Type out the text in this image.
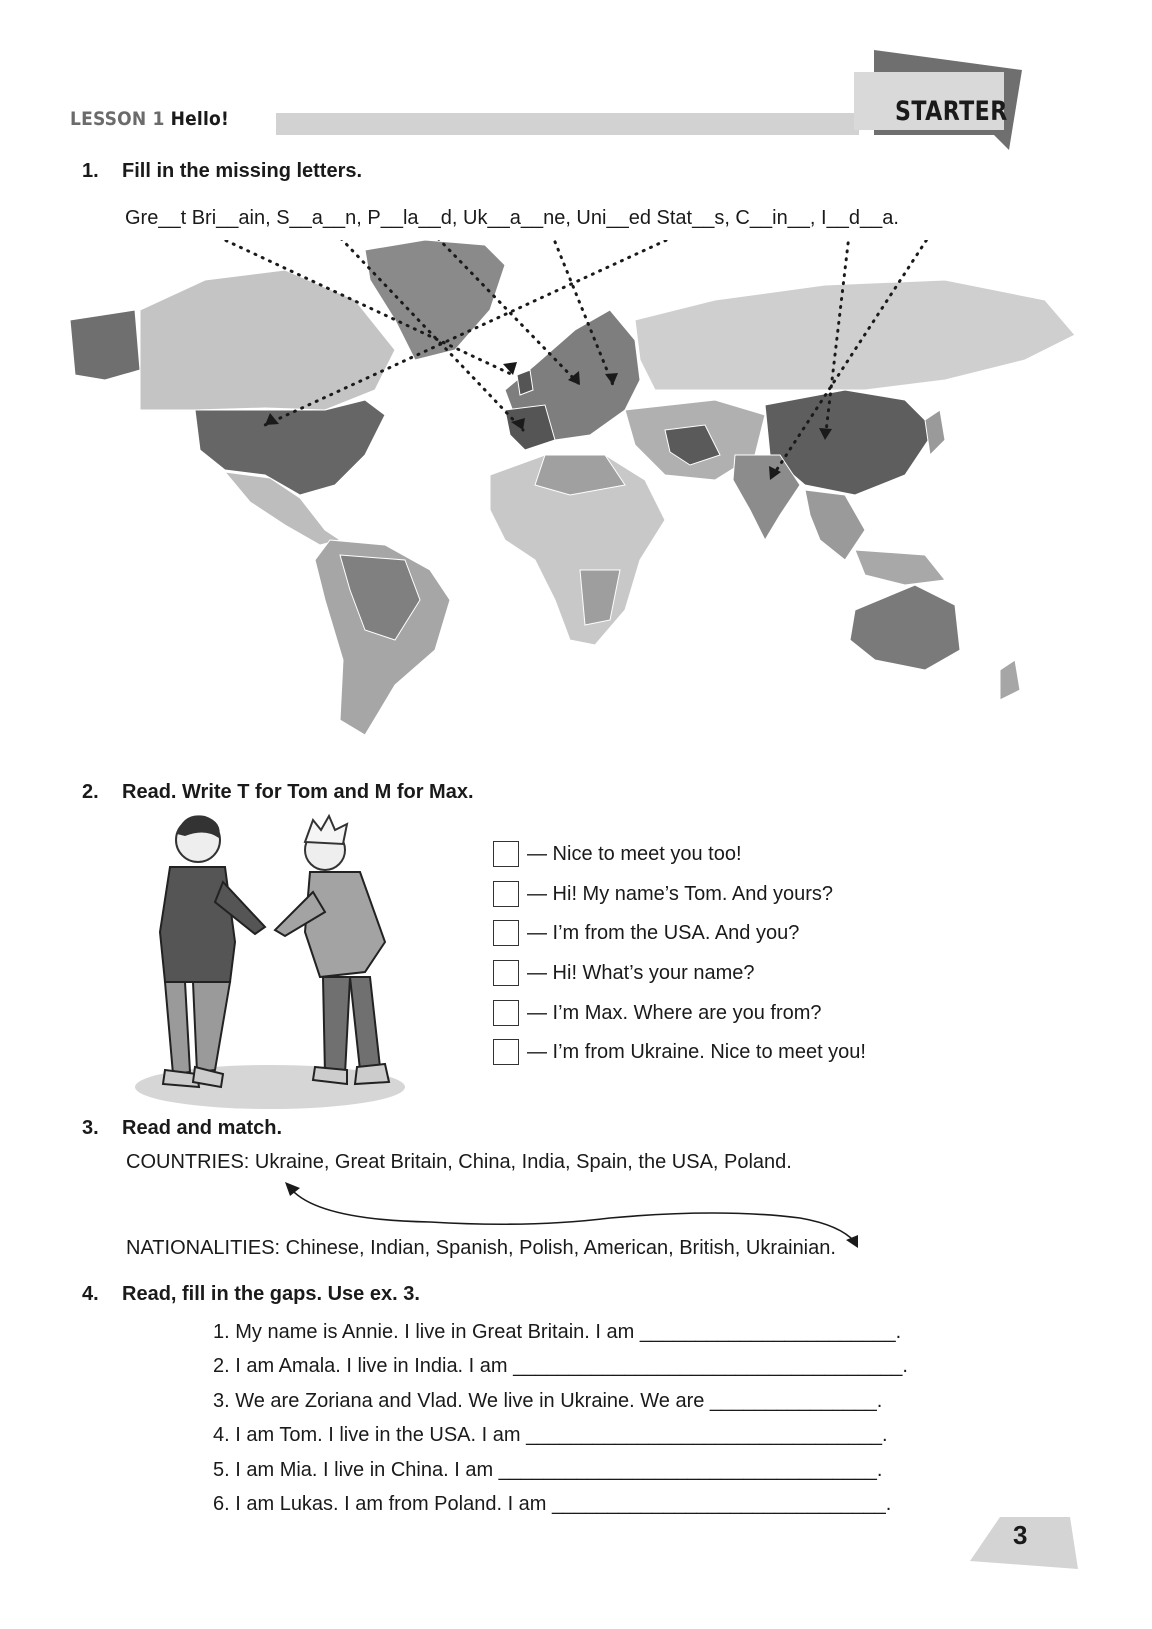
LESSON 1 Hello!	STARTER
1. Fill in the missing letters.
Gre__t Bri__ain, S__a__n, P__la__d, Uk__a__ne, Uni__ed Stat__s, C__in__, I__d__a.
2. Read. Write T for Tom and M for Max.
— Nice to meet you too!
— Hi! My name’s Tom. And yours?
— I’m from the USA. And you?
— Hi! What’s your name?
— I’m Max. Where are you from?
— I’m from Ukraine. Nice to meet you!
3. Read and match.
COUNTRIES: Ukraine, Great Britain, China, India, Spain, the USA, Poland.
NATIONALITIES: Chinese, Indian, Spanish, Polish, American, British, Ukrainian.
4. Read, fill in the gaps. Use ex. 3.
1. My name is Annie. I live in Great Britain. I am _______________________.
2. I am Amala. I live in India. I am ___________________________________.
3. We are Zoriana and Vlad. We live in Ukraine. We are _______________.
4. I am Tom. I live in the USA. I am ________________________________.
5. I am Mia. I live in China. I am __________________________________.
6. I am Lukas. I am from Poland. I am ______________________________.
3
